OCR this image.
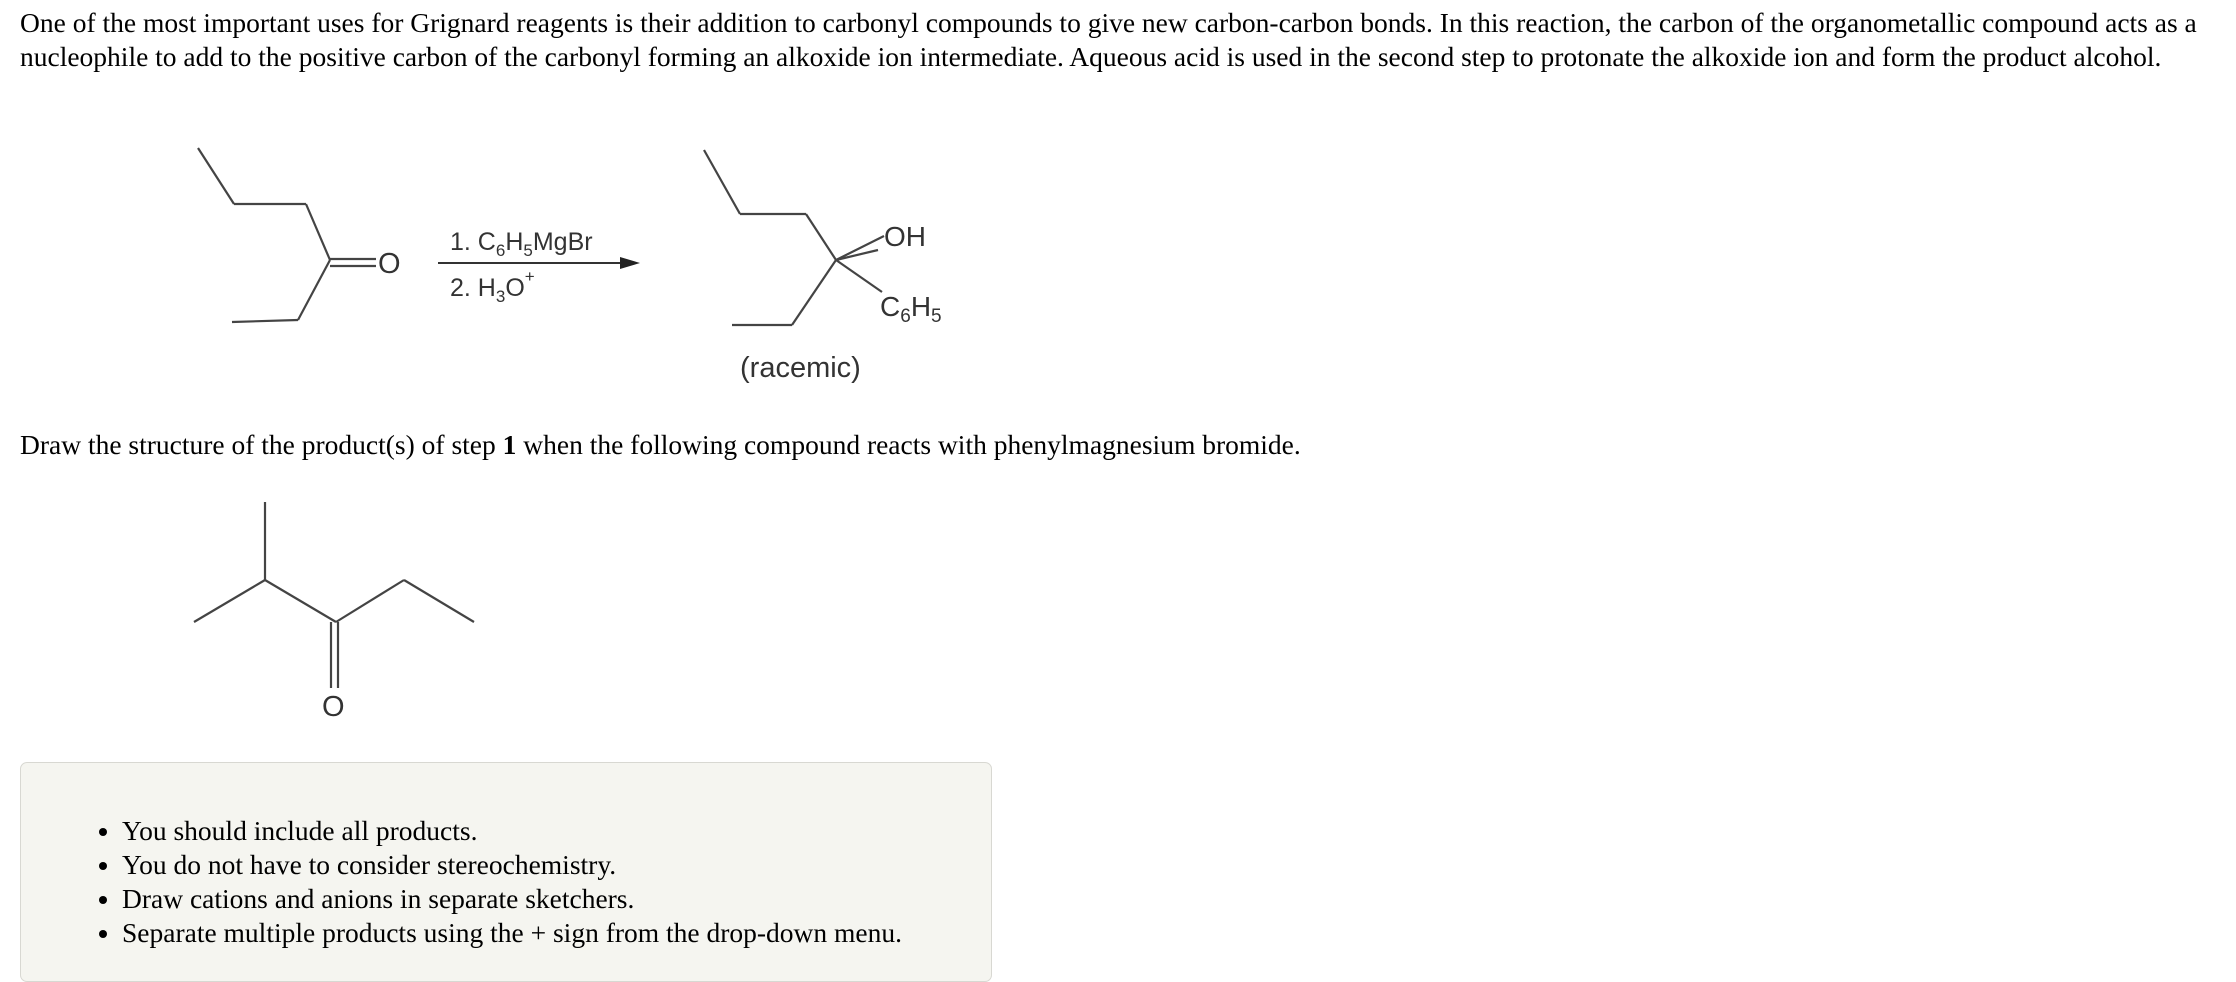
One of the most important uses for Grignard reagents is their addition to carbonyl compounds to give new carbon-carbon bonds. In this reaction, the carbon of the organometallic compound acts as a nucleophile to add to the positive carbon of the carbonyl forming an alkoxide ion intermediate. Aqueous acid is used in the second step to protonate the alkoxide ion and form the product alcohol.

O
1. $C_6H_5MgBr$
2. $H_3O^+$
OH
$C_6H_5$
(racemic)
O

Draw the structure of the product(s) of step 1 when the following compound reacts with phenylmagnesium bromide.

• You should include all products.
• You do not have to consider stereochemistry.
• Draw cations and anions in separate sketchers.
• Separate multiple products using the + sign from the drop-down menu.
